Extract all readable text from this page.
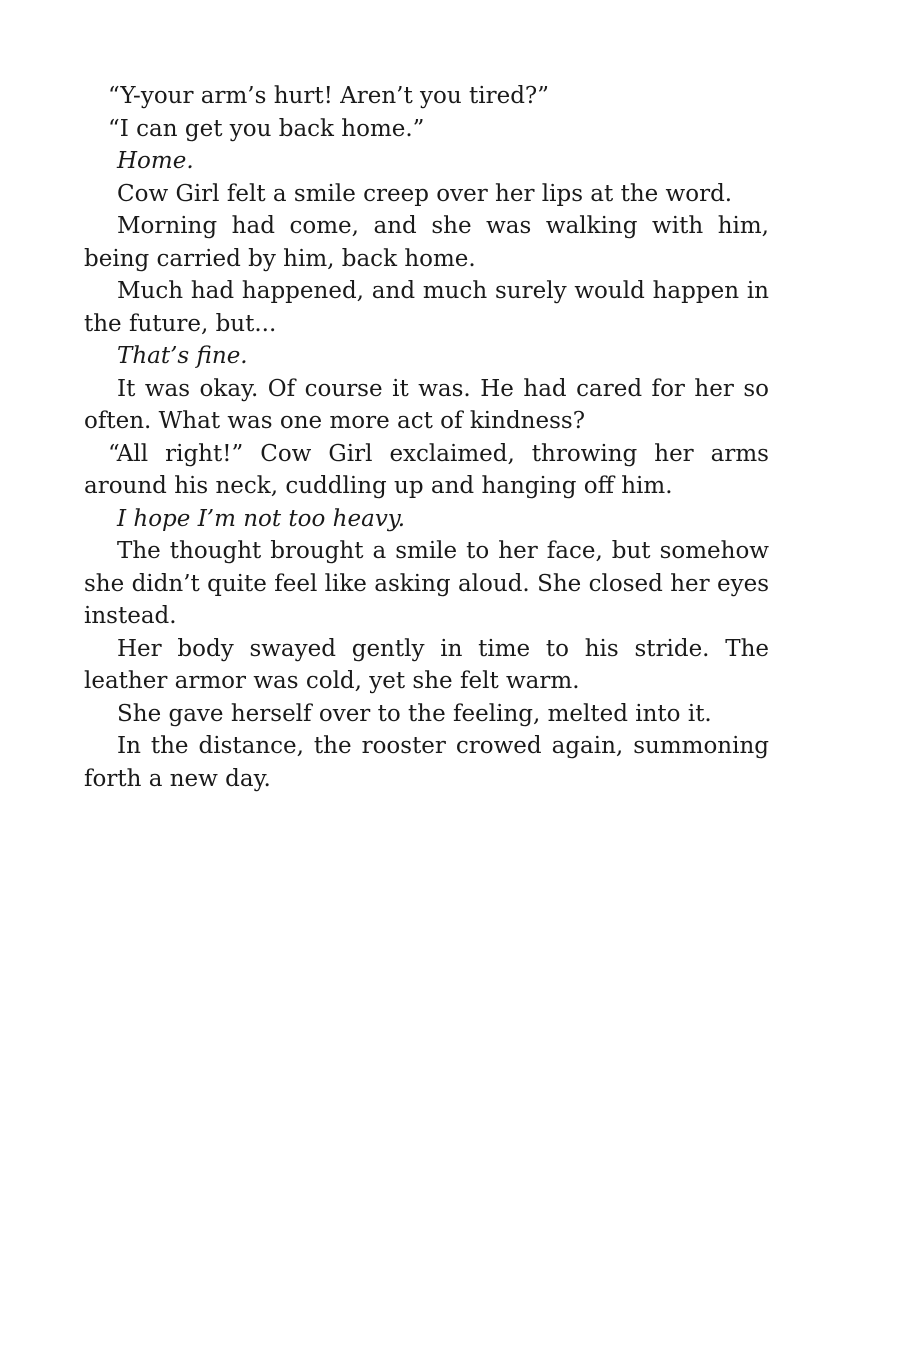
“Y-your arm’s hurt! Aren’t you tired?”

“I can get you back home.”

Home.

Cow Girl felt a smile creep over her lips at the word.

Morning had come, and she was walking with him, being carried by him, back home.

Much had happened, and much surely would happen in the future, but...

That’s fine.

It was okay. Of course it was. He had cared for her so often. What was one more act of kindness?

“All right!” Cow Girl exclaimed, throwing her arms around his neck, cuddling up and hanging off him.

I hope I’m not too heavy.

The thought brought a smile to her face, but somehow she didn’t quite feel like asking aloud. She closed her eyes instead.

Her body swayed gently in time to his stride. The leather armor was cold, yet she felt warm.

She gave herself over to the feeling, melted into it.

In the distance, the rooster crowed again, summoning forth a new day.
